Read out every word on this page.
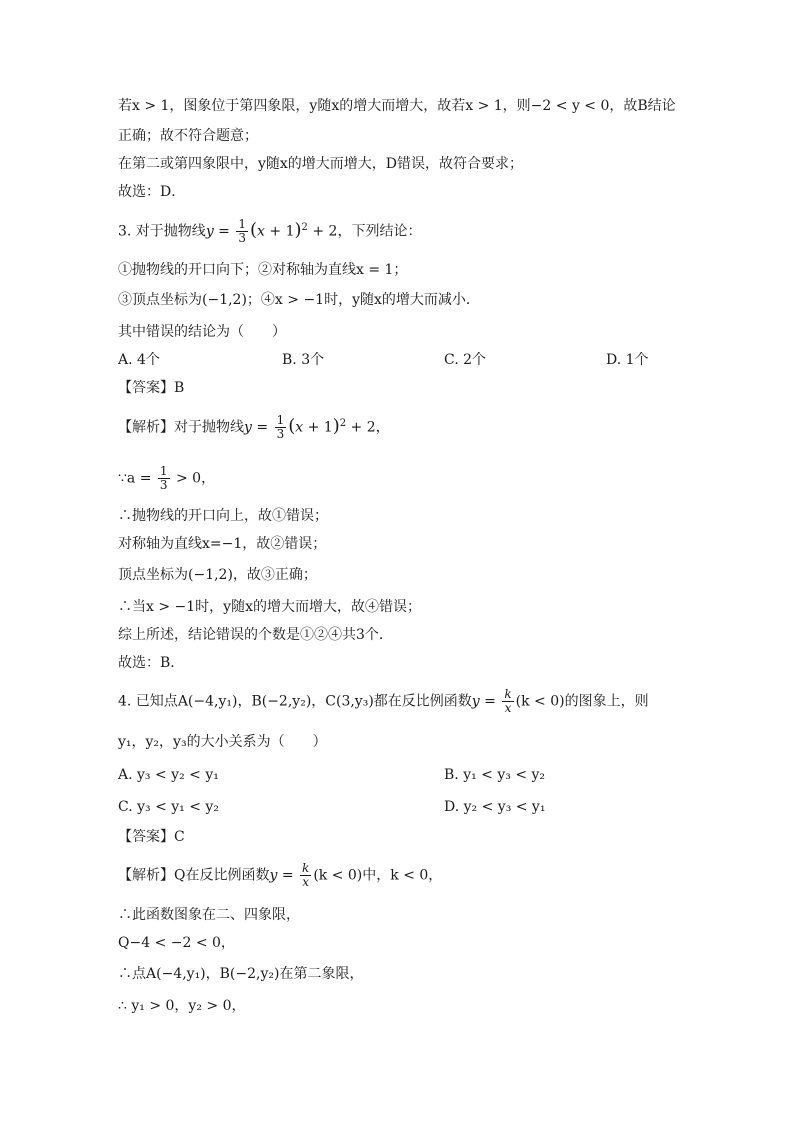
若x > 1，图象位于第四象限，y随x的增大而增大，故若x > 1，则−2 < y < 0，故B结论
正确；故不符合题意；
在第二或第四象限中，y随x的增大而增大，D错误，故符合要求；
故选：D．
3. 对于抛物线$y = \frac{1}{3} (x + 1)^2 + 2$，下列结论：
①抛物线的开口向下；②对称轴为直线x = 1；
③顶点坐标为(−1,2)；④x > −1时，y随x的增大而减小．
其中错误的结论为（　　）
A. 4个	B. 3个	C. 2个	D. 1个
【答案】B
【解析】对于抛物线$y = \frac{1}{3} (x + 1)^2 + 2$，
∵a = $\frac{1}{3} > 0$，
∴抛物线的开口向上，故①错误；
对称轴为直线x=−1，故②错误；
顶点坐标为(−1,2)，故③正确；
∴当x > −1时，y随x的增大而增大，故④错误；
综上所述，结论错误的个数是①②④共3个．
故选：B．
4. 已知点A(−4,y₁)，B(−2,y₂)，C(3,y₃)都在反比例函数$y = \frac{k}{x} (k < 0)$的图象上，则
y₁，y₂，y₃的大小关系为（　　）
A. y₃ < y₂ < y₁	B. y₁ < y₃ < y₂
C. y₃ < y₁ < y₂	D. y₂ < y₃ < y₁
【答案】C
【解析】Q在反比例函数$y = \frac{k}{x} (k < 0)$中，k < 0，
∴此函数图象在二、四象限，
Q−4 < −2 < 0，
∴点A(−4,y₁)，B(−2,y₂)在第二象限，
∴ y₁ > 0，y₂ > 0，
